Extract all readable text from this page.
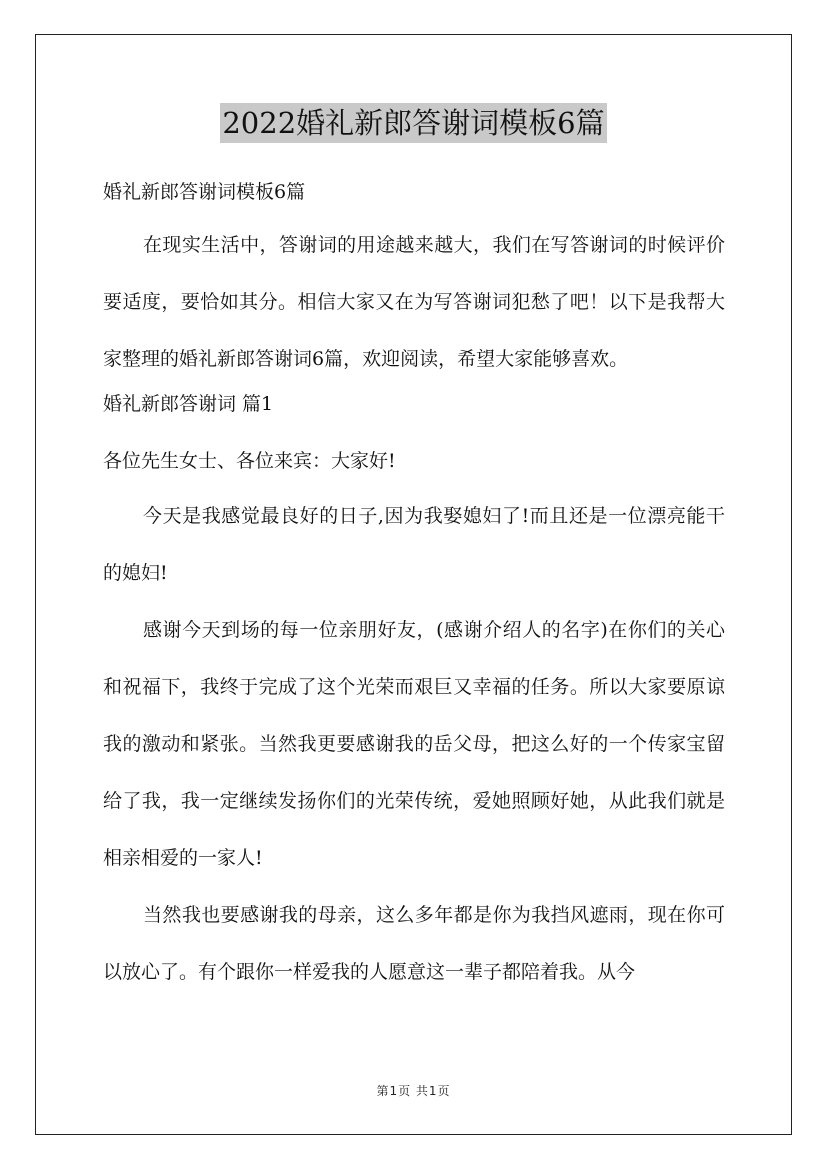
2022婚礼新郎答谢词模板6篇

婚礼新郎答谢词模板6篇

在现实生活中，答谢词的用途越来越大，我们在写答谢词的时候评价要适度，要恰如其分。相信大家又在为写答谢词犯愁了吧！以下是我帮大家整理的婚礼新郎答谢词6篇，欢迎阅读，希望大家能够喜欢。

婚礼新郎答谢词 篇1

各位先生女士、各位来宾：大家好!

今天是我感觉最良好的日子,因为我娶媳妇了!而且还是一位漂亮能干的媳妇!

感谢今天到场的每一位亲朋好友，(感谢介绍人的名字)在你们的关心和祝福下，我终于完成了这个光荣而艰巨又幸福的任务。所以大家要原谅我的激动和紧张。当然我更要感谢我的岳父母，把这么好的一个传家宝留给了我，我一定继续发扬你们的光荣传统，爱她照顾好她，从此我们就是相亲相爱的一家人!

当然我也要感谢我的母亲，这么多年都是你为我挡风遮雨，现在你可以放心了。有个跟你一样爱我的人愿意这一辈子都陪着我。从今

第1页 共1页
